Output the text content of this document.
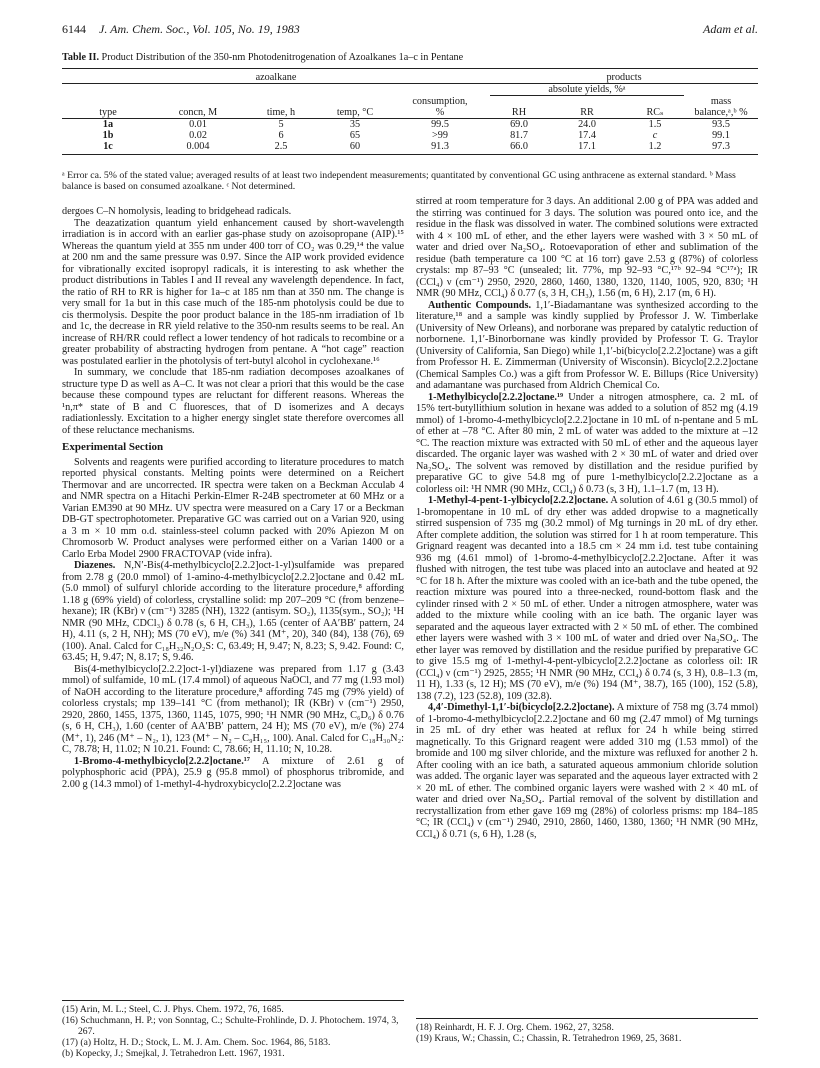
6144 J. Am. Chem. Soc., Vol. 105, No. 19, 1983	Adam et al.
Table II. Product Distribution of the 350-nm Photodenitrogenation of Azoalkanes 1a–c in Pentane

azoalkane					products			
					absolute yields, %ᵃ			
				consumption,				mass
type	concn, M	time, h	temp, °C	%	RH	RR	RCₛ	balance,ᵃ,ᵇ %
1a	0.01	5	35	99.5	69.0	24.0	1.5	93.5
1b	0.02	6	65	>99	81.7	17.4	c	99.1
1c	0.004	2.5	60	91.3	66.0	17.1	1.2	97.3

ᵃ Error ca. 5% of the stated value; averaged results of at least two independent measurements; quantitated by conventional GC using anthracene as external standard. ᵇ Mass balance is based on consumed azoalkane. ᶜ Not determined.

dergoes C–N homolysis, leading to bridgehead radicals.

The deazatization quantum yield enhancement caused by short-wavelength irradiation is in accord with an earlier gas-phase study on azoisopropane (AIP).¹⁵ Whereas the quantum yield at 355 nm under 400 torr of CO₂ was 0.29,¹⁴ the value at 200 nm and the same pressure was 0.97. Since the AIP work provided evidence for vibrationally excited isopropyl radicals, it is interesting to ask whether the product distributions in Tables I and II reveal any wavelength dependence. In fact, the ratio of RH to RR is higher for 1a–c at 185 nm than at 350 nm. The change is very small for 1a but in this case much of the 185-nm photolysis could be due to cis thermolysis. Despite the poor product balance in the 185-nm irradiation of 1b and 1c, the decrease in RR yield relative to the 350-nm results seems to be real. An increase of RH/RR could reflect a lower tendency of hot radicals to recombine or a greater probability of abstracting hydrogen from pentane. A “hot cage” reaction was postulated earlier in the photolysis of tert-butyl alcohol in cyclohexane.¹⁶

In summary, we conclude that 185-nm radiation decomposes azoalkanes of structure type D as well as A–C. It was not clear a priori that this would be the case because these compound types are reluctant for different reasons. Whereas the ¹n,π* state of B and C fluoresces, that of D isomerizes and A decays radiationlessly. Excitation to a higher energy singlet state therefore overcomes all of these reluctance mechanisms.

Experimental Section

Solvents and reagents were purified according to literature procedures to match reported physical constants. Melting points were determined on a Reichert Thermovar and are uncorrected. IR spectra were taken on a Beckman Acculab 4 and NMR spectra on a Hitachi Perkin-Elmer R-24B spectrometer at 60 MHz or a Varian EM390 at 90 MHz. UV spectra were measured on a Cary 17 or a Beckman DB-GT spectrophotometer. Preparative GC was carried out on a Varian 920, using a 3 m × 10 mm o.d. stainless-steel column packed with 20% Apiezon M on Chromosorb W. Product analyses were performed either on a Varian 1400 or a Carlo Erba Model 2900 FRACTOVAP (vide infra).

Diazenes. N,N′-Bis(4-methylbicyclo[2.2.2]oct-1-yl)sulfamide was prepared from 2.78 g (20.0 mmol) of 1-amino-4-methylbicyclo[2.2.2]octane and 0.42 mL (5.0 mmol) of sulfuryl chloride according to the literature procedure,⁸ affording 1.18 g (69% yield) of colorless, crystalline solid: mp 207–209 °C (from benzene–hexane); IR (KBr) ν (cm⁻¹) 3285 (NH), 1322 (antisym. SO₂), 1135(sym., SO₂); ¹H NMR (90 MHz, CDCl₃) δ 0.78 (s, 6 H, CH₃), 1.65 (center of AA′BB′ pattern, 24 H), 4.11 (s, 2 H, NH); MS (70 eV), m/e (%) 341 (M⁺, 20), 340 (84), 138 (76), 69 (100). Anal. Calcd for C₁₈H₃₂N₂O₂S: C, 63.49; H, 9.47; N, 8.23; S, 9.42. Found: C, 63.45; H, 9.47; N, 8.17; S, 9.46.

Bis(4-methylbicyclo[2.2.2]oct-1-yl)diazene was prepared from 1.17 g (3.43 mmol) of sulfamide, 10 mL (17.4 mmol) of aqueous NaOCl, and 77 mg (1.93 mol) of NaOH according to the literature procedure,⁸ affording 745 mg (79% yield) of colorless crystals; mp 139–141 °C (from methanol); IR (KBr) ν (cm⁻¹) 2950, 2920, 2860, 1455, 1375, 1360, 1145, 1075, 990; ¹H NMR (90 MHz, C₆D₆) δ 0.76 (s, 6 H, CH₃), 1.60 (center of AA′BB′ pattern, 24 H); MS (70 eV), m/e (%) 274 (M⁺, 1), 246 (M⁺ – N₂, 1), 123 (M⁺ – N₂ – C₉H₁₅, 100). Anal. Calcd for C₁₈H₃₀N₂: C, 78.78; H, 11.02; N 10.21. Found: C, 78.66; H, 11.10; N, 10.28.

1-Bromo-4-methylbicyclo[2.2.2]octane.¹⁷ A mixture of 2.61 g of polyphosphoric acid (PPA), 25.9 g (95.8 mmol) of phosphorus tribromide, and 2.00 g (14.3 mmol) of 1-methyl-4-hydroxybicyclo[2.2.2]octane was

stirred at room temperature for 3 days. An additional 2.00 g of PPA was added and the stirring was continued for 3 days. The solution was poured onto ice, and the residue in the flask was dissolved in water. The combined solutions were extracted with 4 × 100 mL of ether, and the ether layers were washed with 3 × 50 mL of water and dried over Na₂SO₄. Rotoevaporation of ether and sublimation of the residue (bath temperature ca 100 °C at 16 torr) gave 2.53 g (87%) of colorless crystals: mp 87–93 °C (unsealed; lit. 77%, mp 92–93 °C,¹⁷ᵇ 92–94 °C¹⁷ᵃ); IR (CCl₄) ν (cm⁻¹) 2950, 2920, 2860, 1460, 1380, 1320, 1140, 1005, 920, 830; ¹H NMR (90 MHz, CCl₄) δ 0.77 (s, 3 H, CH₃), 1.56 (m, 6 H), 2.17 (m, 6 H).

Authentic Compounds. 1,1′-Biadamantane was synthesized according to the literature,¹⁸ and a sample was kindly supplied by Professor J. W. Timberlake (University of New Orleans), and norborane was prepared by catalytic reduction of norbornene. 1,1′-Binorbornane was kindly provided by Professor T. G. Traylor (University of California, San Diego) while 1,1′-bi(bicyclo[2.2.2]octane) was a gift from Professor H. E. Zimmerman (University of Wisconsin). Bicyclo[2.2.2]octane (Chemical Samples Co.) was a gift from Professor W. E. Billups (Rice University) and adamantane was purchased from Aldrich Chemical Co.

1-Methylbicyclo[2.2.2]octane.¹⁹ Under a nitrogen atmosphere, ca. 2 mL of 15% tert-butyllithium solution in hexane was added to a solution of 852 mg (4.19 mmol) of 1-bromo-4-methylbicyclo[2.2.2]octane in 10 mL of n-pentane and 5 mL of ether at –78 °C. After 80 min, 2 mL of water was added to the mixture at –12 °C. The reaction mixture was extracted with 50 mL of ether and the aqueous layer discarded. The organic layer was washed with 2 × 30 mL of water and dried over Na₂SO₄. The solvent was removed by distillation and the residue purified by preparative GC to give 54.8 mg of pure 1-methylbicyclo[2.2.2]octane as a colorless oil: ¹H NMR (90 MHz, CCl₄) δ 0.73 (s, 3 H), 1.1–1.7 (m, 13 H).

1-Methyl-4-pent-1-ylbicyclo[2.2.2]octane. A solution of 4.61 g (30.5 mmol) of 1-bromopentane in 10 mL of dry ether was added dropwise to a magnetically stirred suspension of 735 mg (30.2 mmol) of Mg turnings in 20 mL of dry ether. After complete addition, the solution was stirred for 1 h at room temperature. This Grignard reagent was decanted into a 18.5 cm × 24 mm i.d. test tube containing 936 mg (4.61 mmol) of 1-bromo-4-methylbicyclo[2.2.2]octane. After it was flushed with nitrogen, the test tube was placed into an autoclave and heated at 92 °C for 18 h. After the mixture was cooled with an ice-bath and the tube opened, the reaction mixture was poured into a three-necked, round-bottom flask and the cylinder rinsed with 2 × 50 mL of ether. Under a nitrogen atmosphere, water was added to the mixture while cooling with an ice bath. The organic layer was separated and the aqueous layer extracted with 2 × 50 mL of ether. The combined ether layers were washed with 3 × 100 mL of water and dried over Na₂SO₄. The ether layer was removed by distillation and the residue purified by preparative GC to give 15.5 mg of 1-methyl-4-pent-ylbicyclo[2.2.2]octane as colorless oil: IR (CCl₄) ν (cm⁻¹) 2925, 2855; ¹H NMR (90 MHz, CCl₄) δ 0.74 (s, 3 H), 0.8–1.3 (m, 11 H), 1.33 (s, 12 H); MS (70 eV), m/e (%) 194 (M⁺, 38.7), 165 (100), 152 (5.8), 138 (7.2), 123 (52.8), 109 (32.8).

4,4′-Dimethyl-1,1′-bi(bicyclo[2.2.2]octane). A mixture of 758 mg (3.74 mmol) of 1-bromo-4-methylbicyclo[2.2.2]octane and 60 mg (2.47 mmol) of Mg turnings in 25 mL of dry ether was heated at reflux for 24 h while being stirred magnetically. To this Grignard reagent were added 310 mg (1.53 mmol) of the bromide and 100 mg silver chloride, and the mixture was refluxed for another 2 h. After cooling with an ice bath, a saturated aqueous ammonium chloride solution was added. The organic layer was separated and the aqueous layer extracted with 2 × 20 mL of ether. The combined organic layers were washed with 2 × 40 mL of water and dried over Na₂SO₄. Partial removal of the solvent by distillation and recrystallization from ether gave 169 mg (28%) of colorless prisms: mp 184–185 °C; IR (CCl₄) ν (cm⁻¹) 2940, 2910, 2860, 1460, 1380, 1360; ¹H NMR (90 MHz, CCl₄) δ 0.71 (s, 6 H), 1.28 (s,

(15) Arin, M. L.; Steel, C. J. Phys. Chem. 1972, 76, 1685.
(16) Schuchmann, H. P.; von Sonntag, C.; Schulte-Frohlinde, D. J. Photochem. 1974, 3, 267.
(17) (a) Holtz, H. D.; Stock, L. M. J. Am. Chem. Soc. 1964, 86, 5183.
(b) Kopecky, J.; Smejkal, J. Tetrahedron Lett. 1967, 1931.
(18) Reinhardt, H. F. J. Org. Chem. 1962, 27, 3258.
(19) Kraus, W.; Chassin, C.; Chassin, R. Tetrahedron 1969, 25, 3681.
